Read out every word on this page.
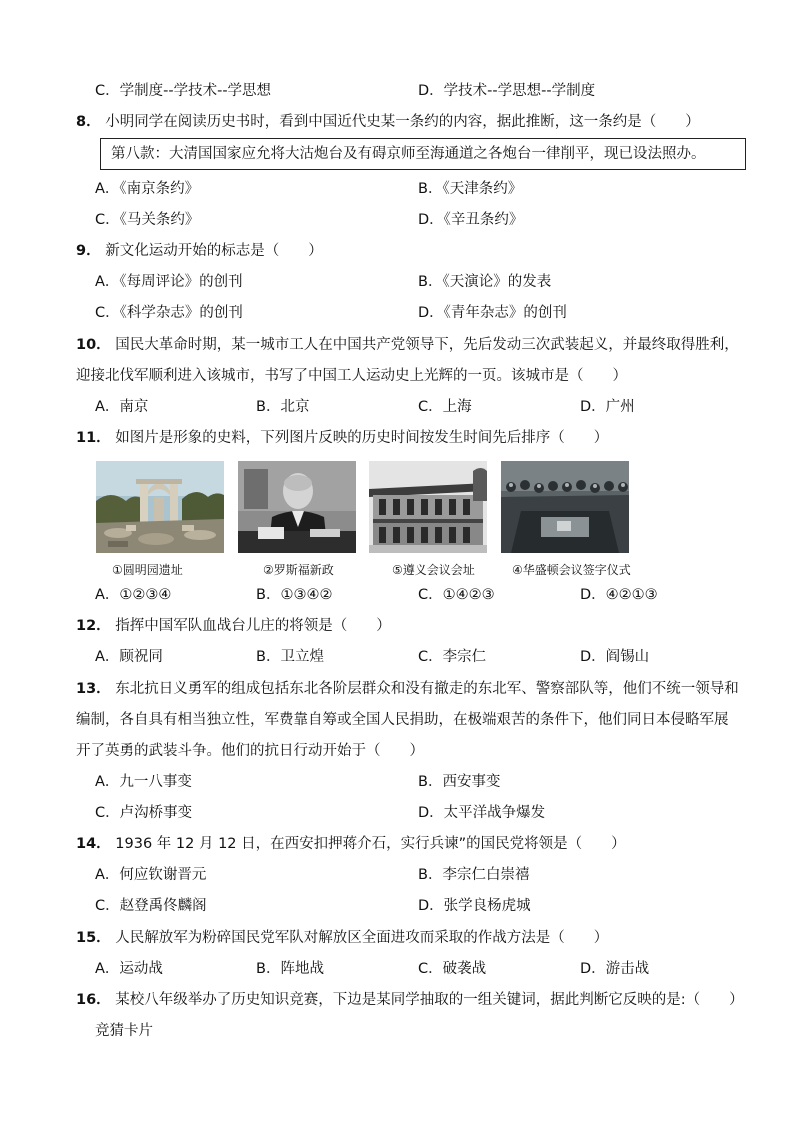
C．学制度--学技术--学思想	D．学技术--学思想--学制度
8． 小明同学在阅读历史书时，看到中国近代史某一条约的内容，据此推断，这一条约是（　　）
第八款：大清国国家应允将大沽炮台及有碍京师至海通道之各炮台一律削平，现已设法照办。
A．《南京条约》	B．《天津条约》
C．《马关条约》	D．《辛丑条约》
9． 新文化运动开始的标志是（　　）
A．《每周评论》的创刊	B．《天演论》的发表
C．《科学杂志》的创刊	D．《青年杂志》的创刊
10． 国民大革命时期，某一城市工人在中国共产党领导下，先后发动三次武装起义，并最终取得胜利，
迎接北伐军顺利进入该城市，书写了中国工人运动史上光辉的一页。该城市是（　　）
A．南京	B．北京	C．上海	D．广州
11． 如图片是形象的史料，下列图片反映的历史时间按发生时间先后排序（　　）
①圆明园遗址	②罗斯福新政	⑤遵义会议会址	④华盛顿会议签字仪式
A．①②③④	B．①③④②	C．①④②③	D．④②①③
12． 指挥中国军队血战台儿庄的将领是（　　）
A．顾祝同	B．卫立煌	C．李宗仁	D．阎锡山
13． 东北抗日义勇军的组成包括东北各阶层群众和没有撤走的东北军、警察部队等，他们不统一领导和
编制，各自具有相当独立性，军费靠自筹或全国人民捐助，在极端艰苦的条件下，他们同日本侵略军展
开了英勇的武装斗争。他们的抗日行动开始于（　　）
A．九一八事变	B．西安事变
C．卢沟桥事变	D．太平洋战争爆发
14． 1936 年 12 月 12 日，在西安扣押蒋介石，实行兵谏”的国民党将领是（　　）
A．何应钦谢晋元	B．李宗仁白崇禧
C．赵登禹佟麟阁	D．张学良杨虎城
15． 人民解放军为粉碎国民党军队对解放区全面进攻而采取的作战方法是（　　）
A．运动战	B．阵地战	C．破袭战	D．游击战
16． 某校八年级举办了历史知识竞赛，下边是某同学抽取的一组关键词，据此判断它反映的是:（　　）
竞猜卡片
